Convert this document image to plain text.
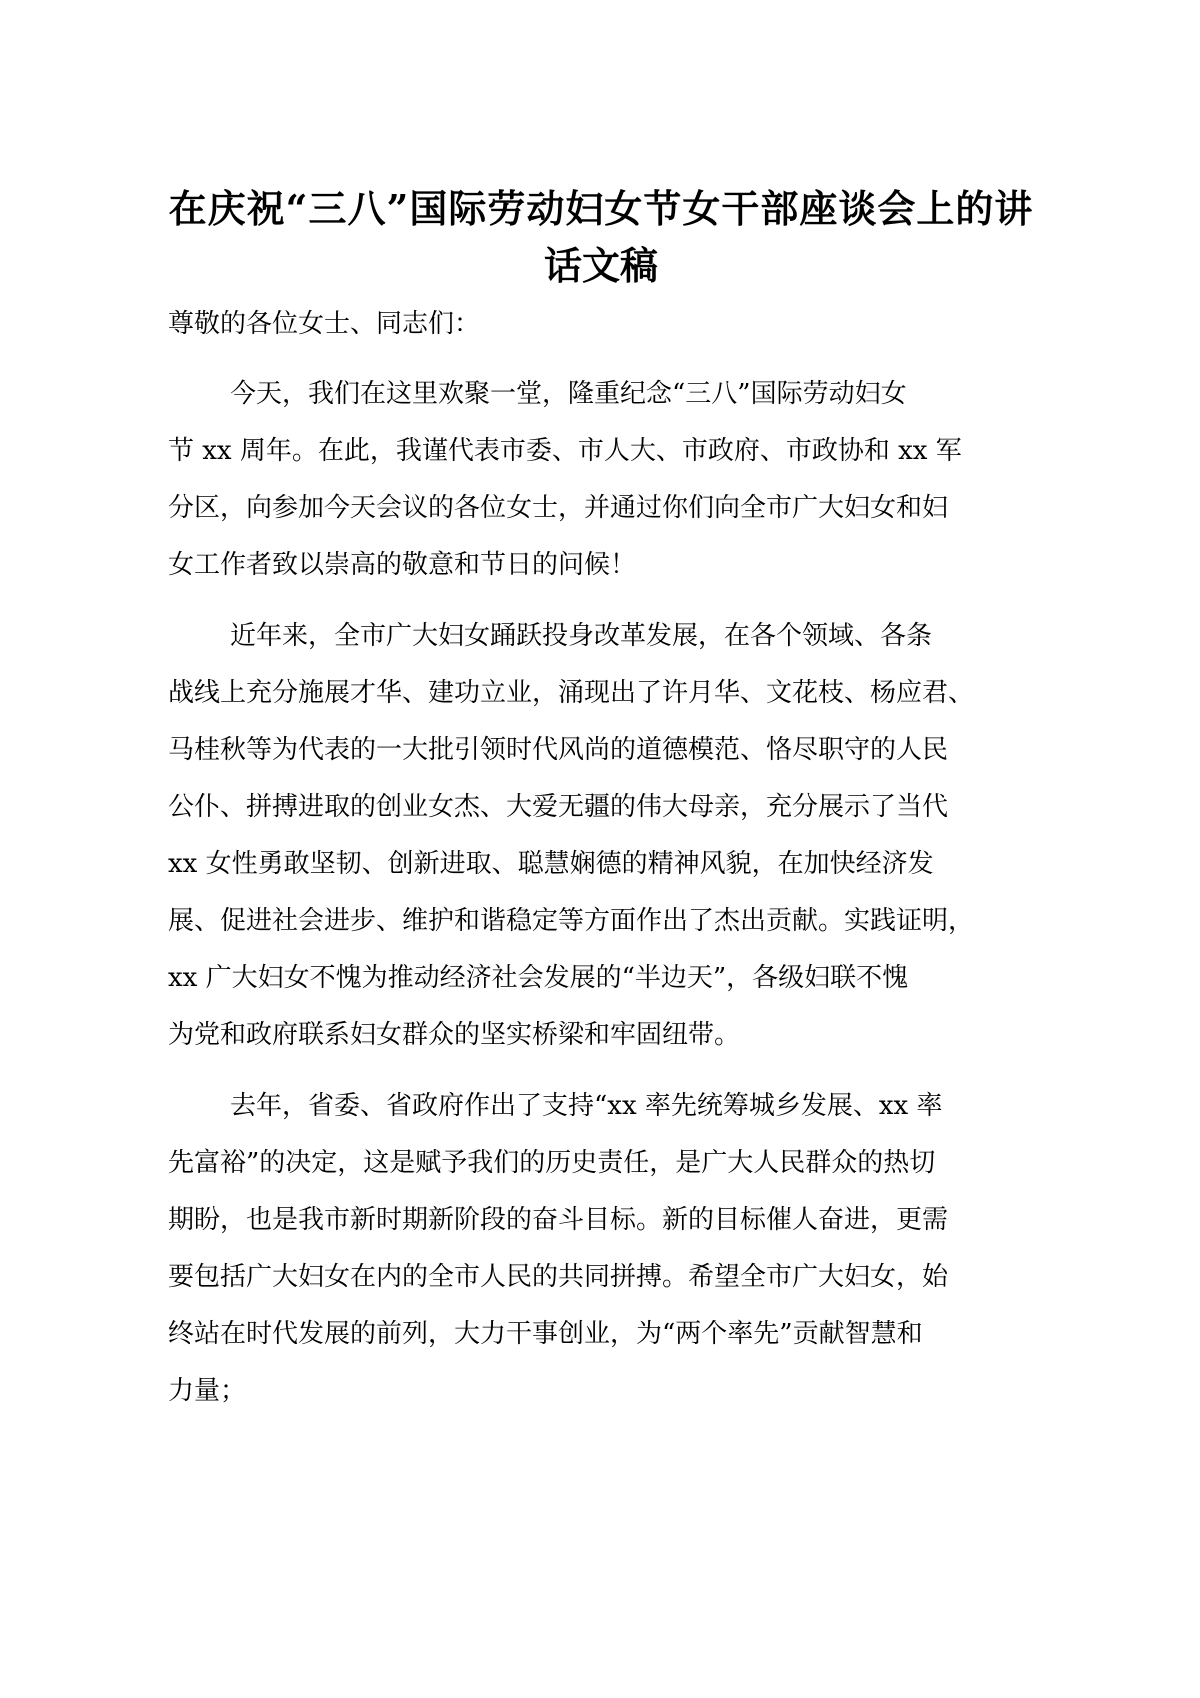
在庆祝“三八”国际劳动妇女节女干部座谈会上的讲
话文稿
尊敬的各位女士、同志们：
今天，我们在这里欢聚一堂，隆重纪念“三八”国际劳动妇女
节 xx 周年。在此，我谨代表市委、市人大、市政府、市政协和 xx 军
分区，向参加今天会议的各位女士，并通过你们向全市广大妇女和妇
女工作者致以崇高的敬意和节日的问候！
近年来，全市广大妇女踊跃投身改革发展，在各个领域、各条
战线上充分施展才华、建功立业，涌现出了许月华、文花枝、杨应君、
马桂秋等为代表的一大批引领时代风尚的道德模范、恪尽职守的人民
公仆、拼搏进取的创业女杰、大爱无疆的伟大母亲，充分展示了当代
xx 女性勇敢坚韧、创新进取、聪慧娴德的精神风貌，在加快经济发
展、促进社会进步、维护和谐稳定等方面作出了杰出贡献。实践证明，
xx 广大妇女不愧为推动经济社会发展的“半边天”，各级妇联不愧
为党和政府联系妇女群众的坚实桥梁和牢固纽带。
去年，省委、省政府作出了支持“xx 率先统筹城乡发展、xx 率
先富裕”的决定，这是赋予我们的历史责任，是广大人民群众的热切
期盼，也是我市新时期新阶段的奋斗目标。新的目标催人奋进，更需
要包括广大妇女在内的全市人民的共同拼搏。希望全市广大妇女，始
终站在时代发展的前列，大力干事创业，为“两个率先”贡献智慧和
力量；
